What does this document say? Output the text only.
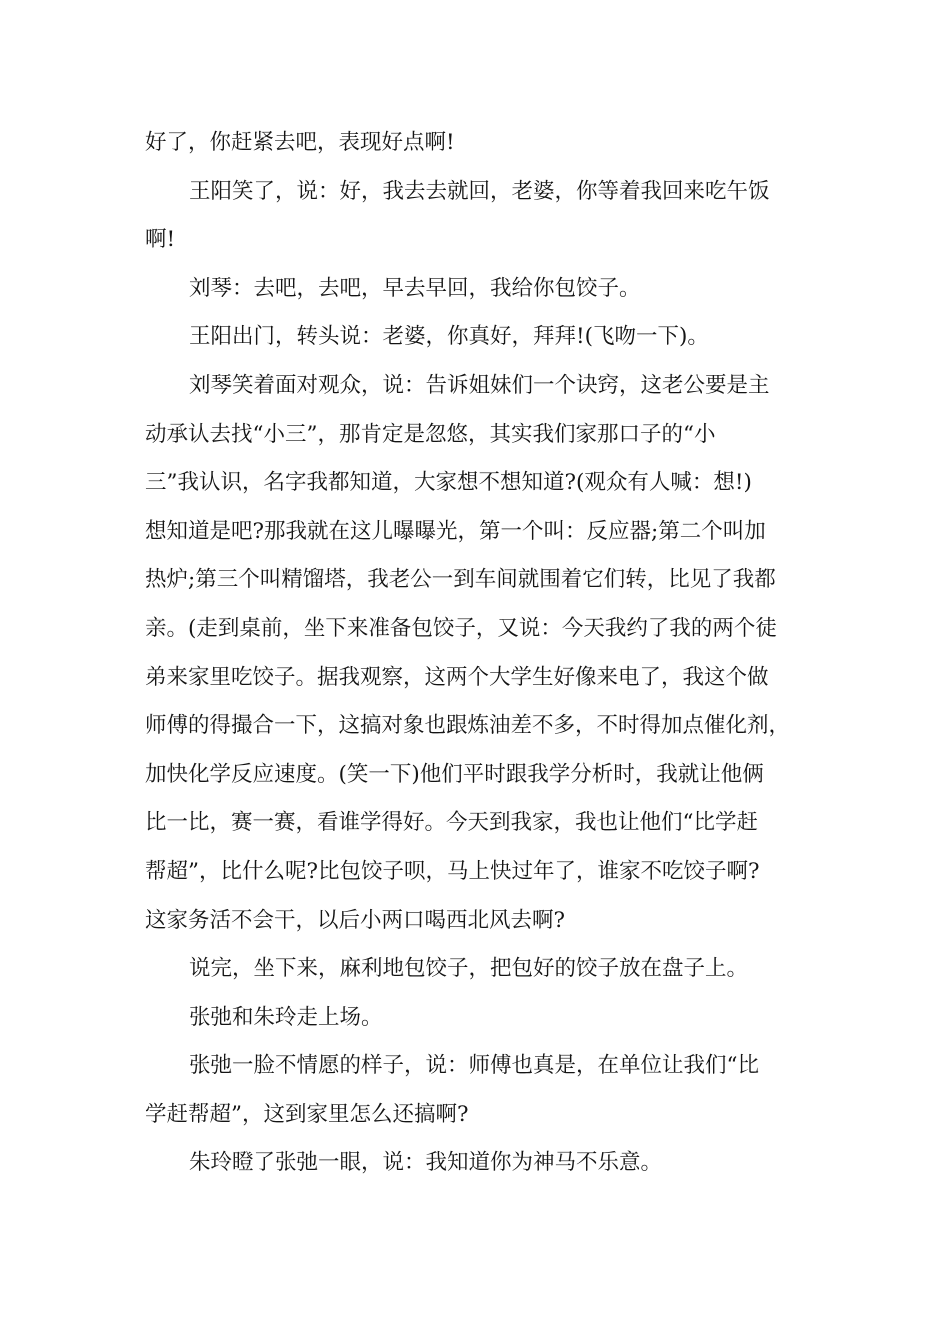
好了，你赶紧去吧，表现好点啊!
王阳笑了，说：好，我去去就回，老婆，你等着我回来吃午饭
啊!
刘琴：去吧，去吧，早去早回，我给你包饺子。
王阳出门，转头说：老婆，你真好，拜拜!(飞吻一下)。
刘琴笑着面对观众，说：告诉姐妹们一个诀窍，这老公要是主
动承认去找“小三”，那肯定是忽悠，其实我们家那口子的“小
三”我认识，名字我都知道，大家想不想知道?(观众有人喊：想!)
想知道是吧?那我就在这儿曝曝光，第一个叫：反应器;第二个叫加
热炉;第三个叫精馏塔，我老公一到车间就围着它们转，比见了我都
亲。(走到桌前，坐下来准备包饺子，又说：今天我约了我的两个徒
弟来家里吃饺子。据我观察，这两个大学生好像来电了，我这个做
师傅的得撮合一下，这搞对象也跟炼油差不多，不时得加点催化剂，
加快化学反应速度。(笑一下)他们平时跟我学分析时，我就让他俩
比一比，赛一赛，看谁学得好。今天到我家，我也让他们“比学赶
帮超”，比什么呢?比包饺子呗，马上快过年了，谁家不吃饺子啊?
这家务活不会干，以后小两口喝西北风去啊?
说完，坐下来，麻利地包饺子，把包好的饺子放在盘子上。
张弛和朱玲走上场。
张弛一脸不情愿的样子，说：师傅也真是，在单位让我们“比
学赶帮超”，这到家里怎么还搞啊?
朱玲瞪了张弛一眼，说：我知道你为神马不乐意。
